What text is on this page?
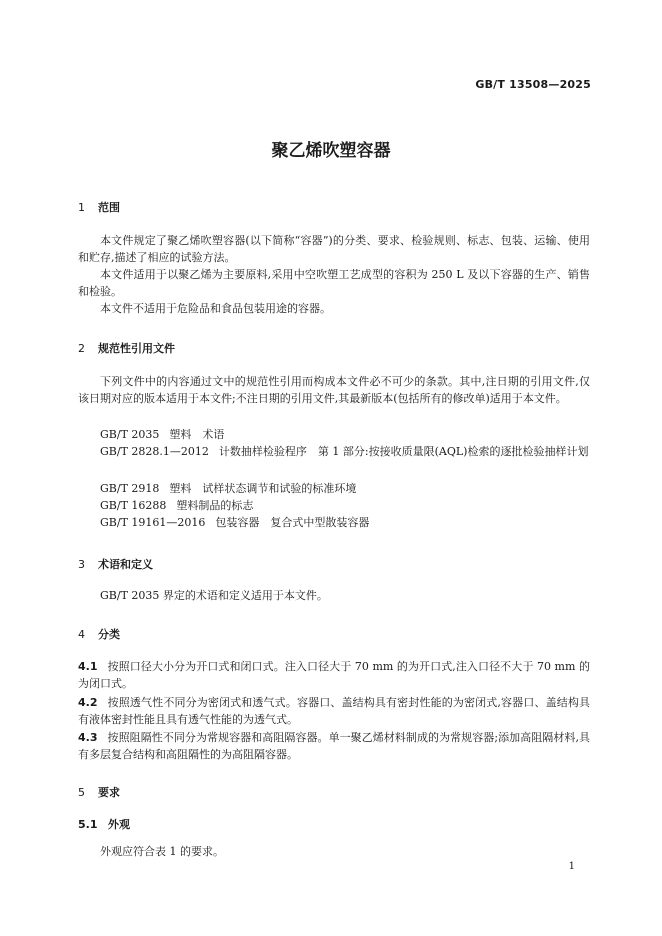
GB/T 13508—2025
聚乙烯吹塑容器
1 范围

本文件规定了聚乙烯吹塑容器(以下简称“容器”)的分类、要求、检验规则、标志、包装、运输、使用和贮存,描述了相应的试验方法。

本文件适用于以聚乙烯为主要原料,采用中空吹塑工艺成型的容积为 250 L 及以下容器的生产、销售和检验。

本文件不适用于危险品和食品包装用途的容器。

2 规范性引用文件

下列文件中的内容通过文中的规范性引用而构成本文件必不可少的条款。其中,注日期的引用文件,仅该日期对应的版本适用于本文件;不注日期的引用文件,其最新版本(包括所有的修改单)适用于本文件。

GB/T 2035 塑料　术语

GB/T 2828.1—2012 计数抽样检验程序　第 1 部分:按接收质量限(AQL)检索的逐批检验抽样计划

GB/T 2918 塑料　试样状态调节和试验的标准环境

GB/T 16288 塑料制品的标志

GB/T 19161—2016 包装容器　复合式中型散装容器

3 术语和定义

GB/T 2035 界定的术语和定义适用于本文件。

4 分类

4.1 按照口径大小分为开口式和闭口式。注入口径大于 70 mm 的为开口式,注入口径不大于 70 mm 的为闭口式。

4.2 按照透气性不同分为密闭式和透气式。容器口、盖结构具有密封性能的为密闭式,容器口、盖结构具有液体密封性能且具有透气性能的为透气式。

4.3 按照阻隔性不同分为常规容器和高阻隔容器。单一聚乙烯材料制成的为常规容器;添加高阻隔材料,具有多层复合结构和高阻隔性的为高阻隔容器。

5 要求
5.1 外观

外观应符合表 1 的要求。

1
